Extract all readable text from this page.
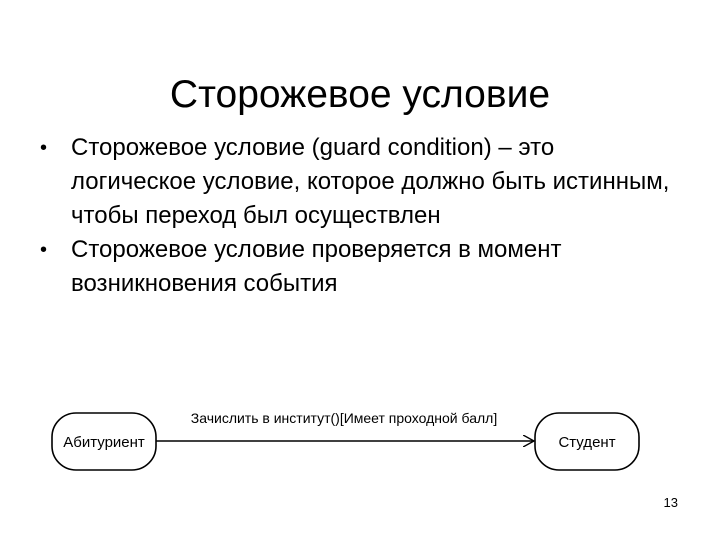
Сторожевое условие
• Сторожевое условие (guard condition) – это логическое условие, которое должно быть истинным, чтобы переход был осуществлен
• Сторожевое условие проверяется в момент возникновения события
Абитуриент
Зачислить в институт()[Имеет проходной балл]
Студент
13
